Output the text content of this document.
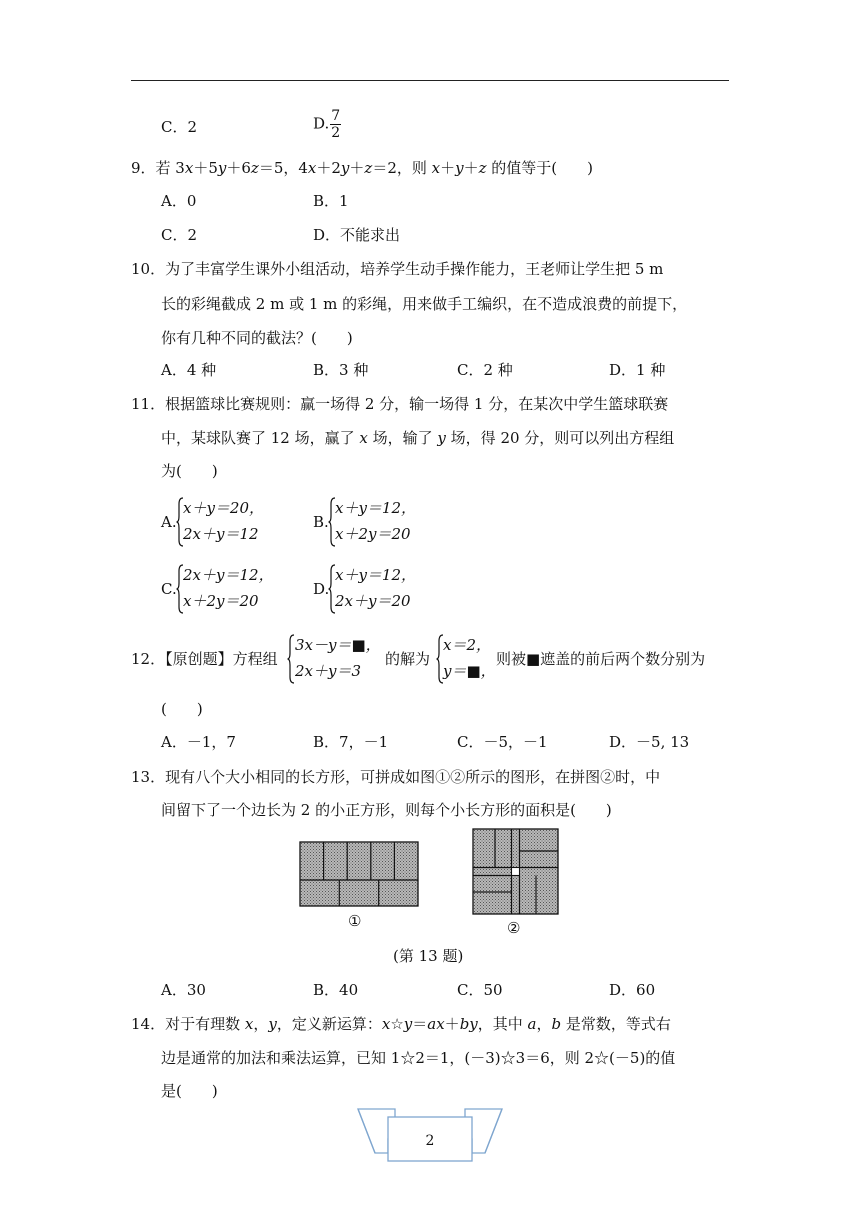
C．2	D. $\frac{7}{2}$
9．若 3x＋5y＋6z＝5，4x＋2y＋z＝2，则 x＋y＋z 的值等于(　　)
A．0	B．1
C．2	D．不能求出
10．为了丰富学生课外小组活动，培养学生动手操作能力，王老师让学生把 5 m
长的彩绳截成 2 m 或 1 m 的彩绳，用来做手工编织，在不造成浪费的前提下，
你有几种不同的截法？(　　)
A．4 种	B．3 种	C．2 种	D．1 种
11．根据篮球比赛规则：赢一场得 2 分，输一场得 1 分，在某次中学生篮球联赛
中，某球队赛了 12 场，赢了 x 场，输了 y 场，得 20 分，则可以列出方程组
为(　　)
A.
x＋y＝20，
2x＋y＝12
B.
x＋y＝12，
x＋2y＝20
C.
2x＋y＝12，
x＋2y＝20
D.
x＋y＝12，
2x＋y＝20
12．【原创题】方程组
3x－y＝■，
2x＋y＝3
的解为
x＝2，
y＝■，
则被■遮盖的前后两个数分别为
(　　)
A．－1，7	B．7，－1	C．－5，－1	D．－5, 13
13．现有八个大小相同的长方形，可拼成如图①②所示的图形，在拼图②时，中
间留下了一个边长为 2 的小正方形，则每个小长方形的面积是(　　)
①	②
(第 13 题)
A．30	B．40	C．50	D．60
14．对于有理数 x，y，定义新运算：x☆y＝ax＋by，其中 a，b 是常数，等式右
边是通常的加法和乘法运算，已知 1☆2＝1，(－3)☆3＝6，则 2☆(－5)的值
是(　　)
2
